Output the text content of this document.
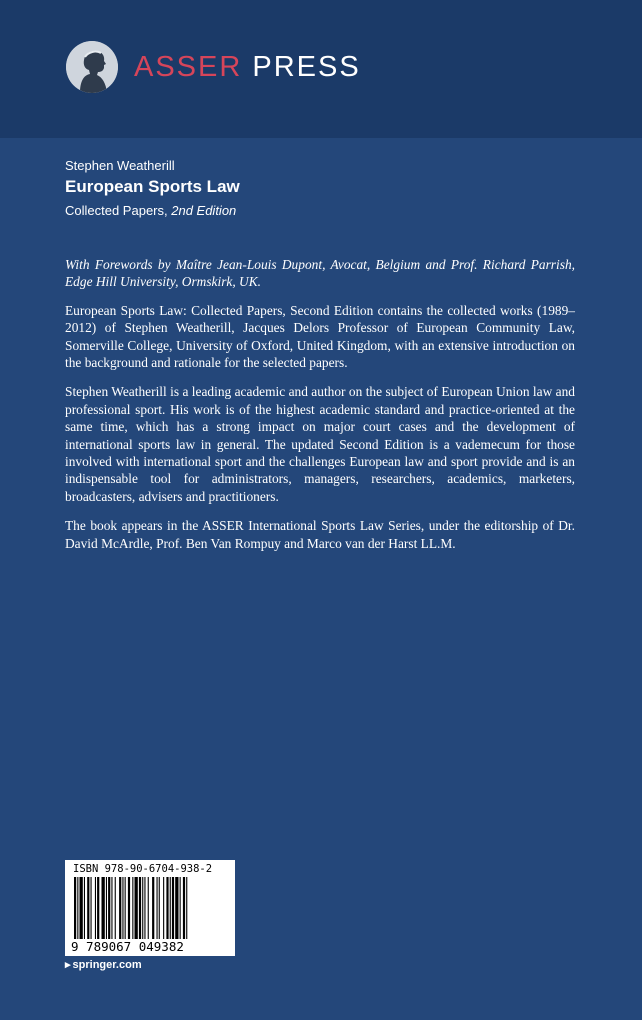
ASSER PRESS
Stephen Weatherill
European Sports Law
Collected Papers, 2nd Edition

With Forewords by Maître Jean-Louis Dupont, Avocat, Belgium and Prof. Richard Parrish, Edge Hill University, Ormskirk, UK.

European Sports Law: Collected Papers, Second Edition contains the collected works (1989–2012) of Stephen Weatherill, Jacques Delors Professor of European Community Law, Somerville College, University of Oxford, United Kingdom, with an extensive introduction on the background and rationale for the selected papers.

Stephen Weatherill is a leading academic and author on the subject of European Union law and professional sport. His work is of the highest academic standard and practice-oriented at the same time, which has a strong impact on major court cases and the development of international sports law in general. The updated Second Edition is a vademecum for those involved with international sport and the challenges European law and sport provide and is an indispensable tool for administrators, managers, researchers, academics, marketers, broadcasters, advisers and practitioners.

The book appears in the ASSER International Sports Law Series, under the editorship of Dr. David McArdle, Prof. Ben Van Rompuy and Marco van der Harst LL.M.

ISBN 978-90-6704-938-2
9 789067 049382
▸ springer.com
